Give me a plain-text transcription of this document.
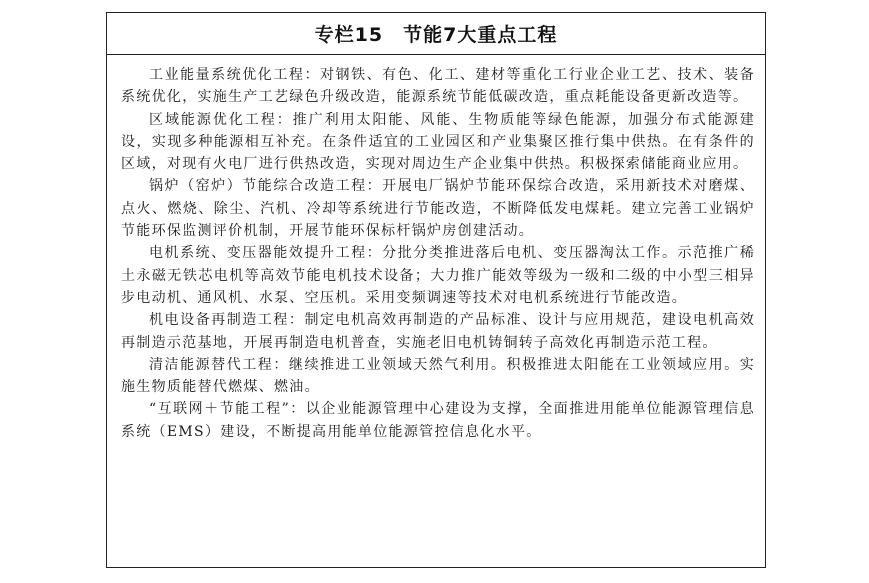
专栏15　节能7大重点工程

工业能量系统优化工程：对钢铁、有色、化工、建材等重化工行业企业工艺、技术、装备系统优化，实施生产工艺绿色升级改造，能源系统节能低碳改造，重点耗能设备更新改造等。

区域能源优化工程：推广利用太阳能、风能、生物质能等绿色能源，加强分布式能源建设，实现多种能源相互补充。在条件适宜的工业园区和产业集聚区推行集中供热。在有条件的区域，对现有火电厂进行供热改造，实现对周边生产企业集中供热。积极探索储能商业应用。

锅炉（窑炉）节能综合改造工程：开展电厂锅炉节能环保综合改造，采用新技术对磨煤、点火、燃烧、除尘、汽机、冷却等系统进行节能改造，不断降低发电煤耗。建立完善工业锅炉节能环保监测评价机制，开展节能环保标杆锅炉房创建活动。

电机系统、变压器能效提升工程：分批分类推进落后电机、变压器淘汰工作。示范推广稀土永磁无铁芯电机等高效节能电机技术设备；大力推广能效等级为一级和二级的中小型三相异步电动机、通风机、水泵、空压机。采用变频调速等技术对电机系统进行节能改造。

机电设备再制造工程：制定电机高效再制造的产品标准、设计与应用规范，建设电机高效再制造示范基地，开展再制造电机普查，实施老旧电机铸铜转子高效化再制造示范工程。

清洁能源替代工程：继续推进工业领域天然气利用。积极推进太阳能在工业领域应用。实施生物质能替代燃煤、燃油。

“互联网＋节能工程”：以企业能源管理中心建设为支撑，全面推进用能单位能源管理信息系统（EMS）建设，不断提高用能单位能源管控信息化水平。
